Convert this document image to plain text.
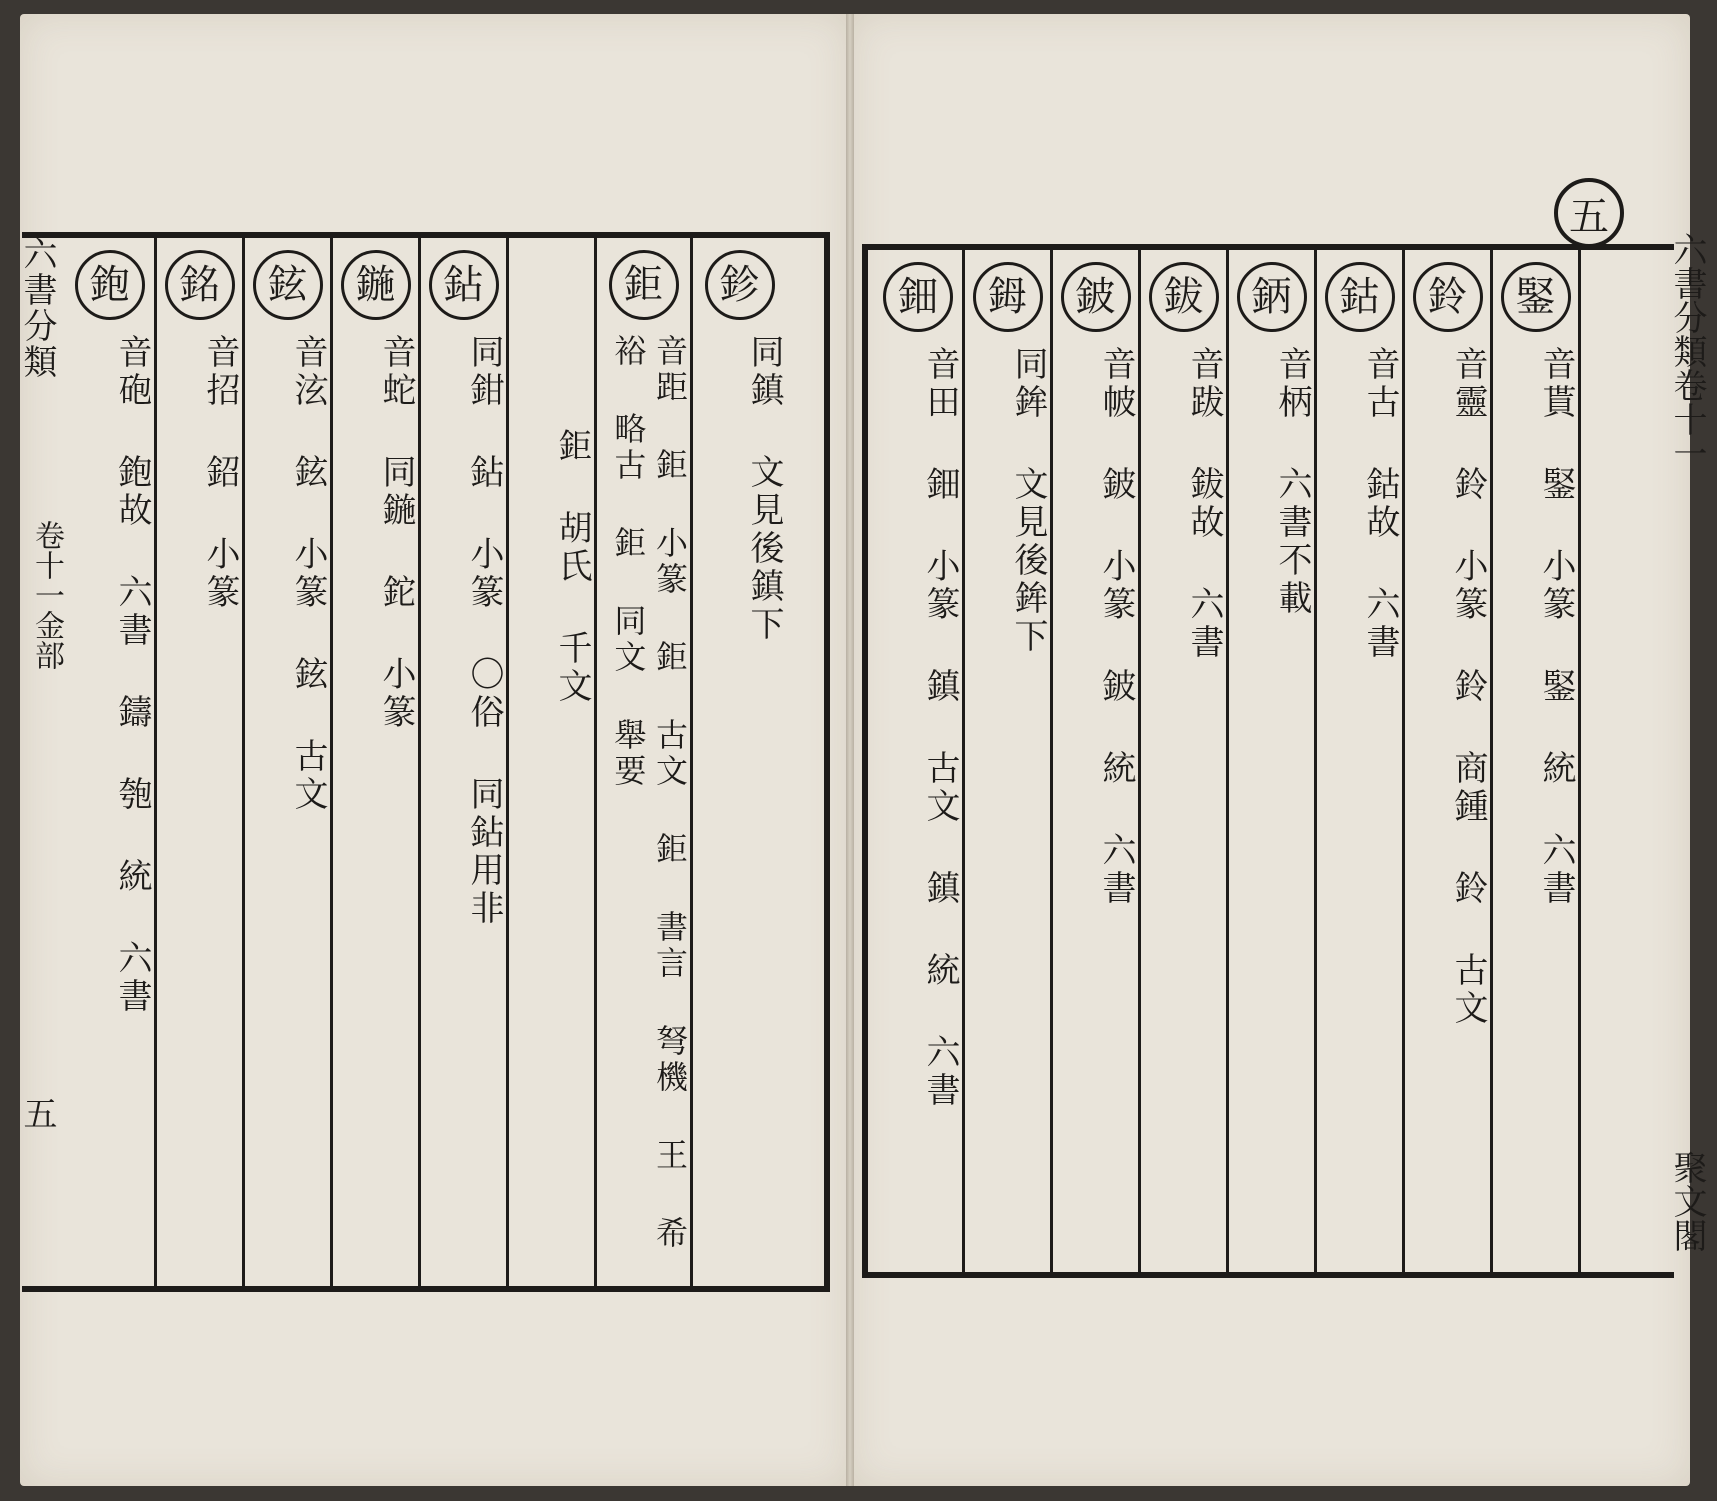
六書分類
卷十一金部
五
六書分類卷十一
聚文閣
五
鉋
音砲 鉋故 六書 鑄 匏 統 六書
銘
音招 鉊 小篆
鉉
音泫 鉉 小篆 鉉 古文
鍦
音蛇 同鍦 鉈 小篆
鉆
同鉗 鉆 小篆 〇俗 同鉆用非	鉅 胡氏 千文
鉅
音距 鉅 小篆 鉅 古文 鉅 書言 弩機 王 希裕 略古 鉅 同文 舉要
鉁
同鎮 文見後鎮下
鈿
音田 鈿 小篆 鎮 古文 鎮 統 六書
鉧
同鉾 文見後鉾下
鈹
音帔 鈹 小篆 鈹 統 六書
鈸
音跋 鈸故 六書
鈵
音柄 六書不載
鈷
音古 鈷故 六書
鈴
音靈 鈴 小篆 鈴 商鍾 鈴 古文
鋻
音貰 鋻 小篆 鋻 統 六書
